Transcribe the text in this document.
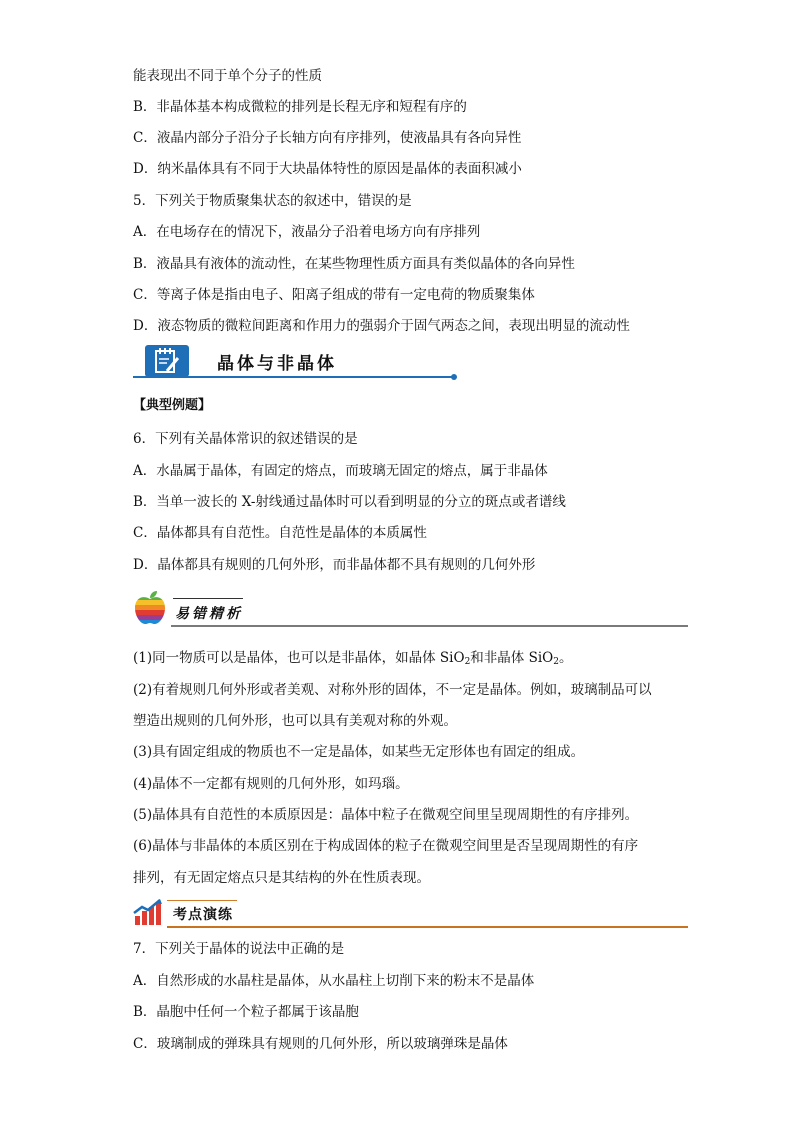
能表现出不同于单个分子的性质
B．非晶体基本构成微粒的排列是长程无序和短程有序的
C．液晶内部分子沿分子长轴方向有序排列，使液晶具有各向异性
D．纳米晶体具有不同于大块晶体特性的原因是晶体的表面积减小
5．下列关于物质聚集状态的叙述中，错误的是
A．在电场存在的情况下，液晶分子沿着电场方向有序排列
B．液晶具有液体的流动性，在某些物理性质方面具有类似晶体的各向异性
C．等离子体是指由电子、阳离子组成的带有一定电荷的物质聚集体
D．液态物质的微粒间距离和作用力的强弱介于固气两态之间，表现出明显的流动性
晶体与非晶体
【典型例题】
6．下列有关晶体常识的叙述错误的是
A．水晶属于晶体，有固定的熔点，而玻璃无固定的熔点，属于非晶体
B．当单一波长的 X-射线通过晶体时可以看到明显的分立的斑点或者谱线
C．晶体都具有自范性。自范性是晶体的本质属性
D．晶体都具有规则的几何外形，而非晶体都不具有规则的几何外形
易错精析
(1)同一物质可以是晶体，也可以是非晶体，如晶体 SiO$_2$和非晶体 SiO$_2$。
(2)有着规则几何外形或者美观、对称外形的固体，不一定是晶体。例如，玻璃制品可以
塑造出规则的几何外形，也可以具有美观对称的外观。
(3)具有固定组成的物质也不一定是晶体，如某些无定形体也有固定的组成。
(4)晶体不一定都有规则的几何外形，如玛瑙。
(5)晶体具有自范性的本质原因是：晶体中粒子在微观空间里呈现周期性的有序排列。
(6)晶体与非晶体的本质区别在于构成固体的粒子在微观空间里是否呈现周期性的有序
排列，有无固定熔点只是其结构的外在性质表现。
考点演练
7．下列关于晶体的说法中正确的是
A．自然形成的水晶柱是晶体，从水晶柱上切削下来的粉末不是晶体
B．晶胞中任何一个粒子都属于该晶胞
C．玻璃制成的弹珠具有规则的几何外形，所以玻璃弹珠是晶体
